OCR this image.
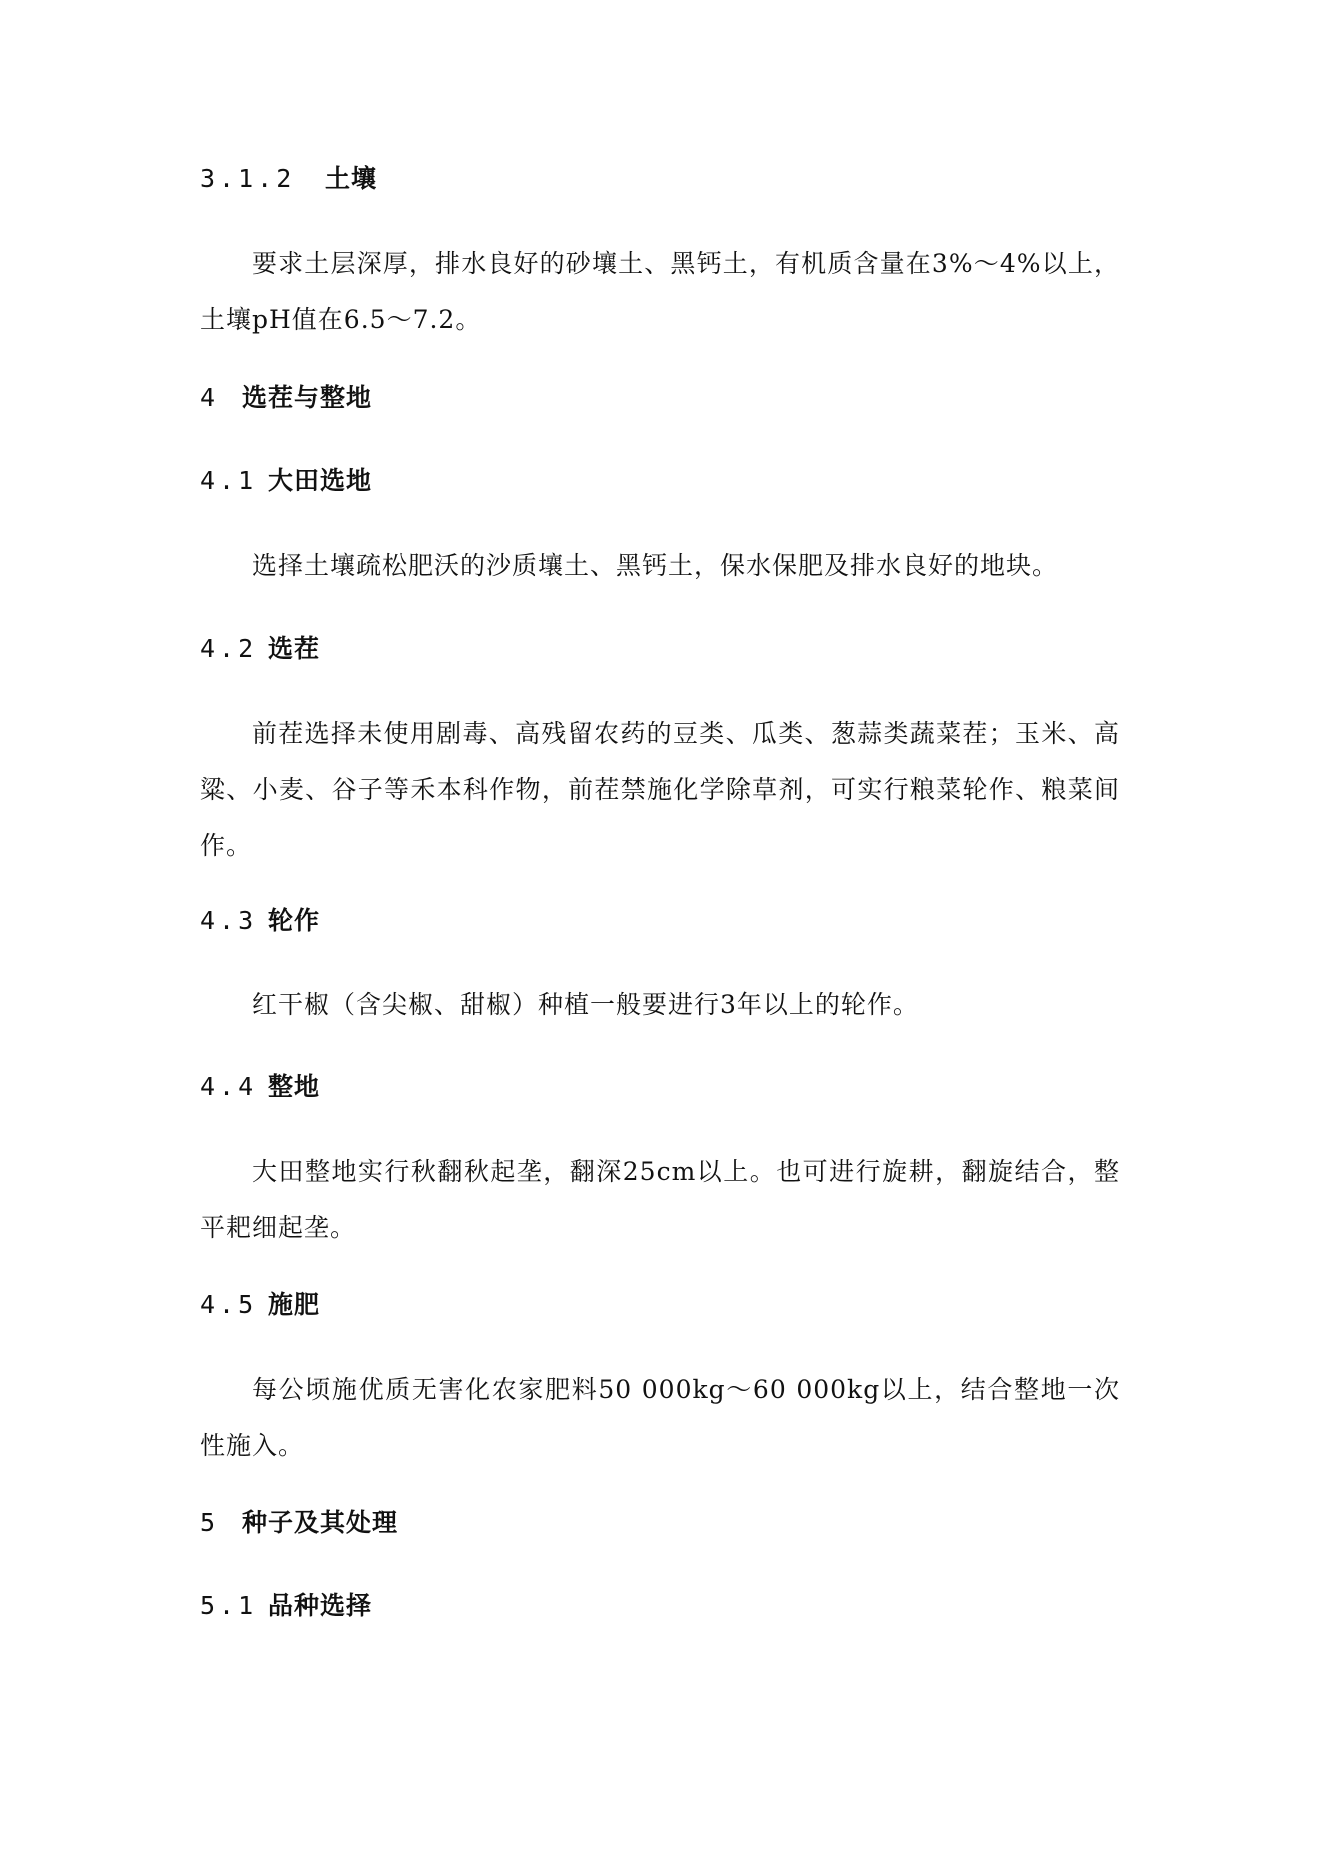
3.1.2 土壤
要求土层深厚，排水良好的砂壤土、黑钙土，有机质含量在3%～4%以上，土壤pH值在6.5～7.2。
4 选茬与整地
4.1 大田选地
选择土壤疏松肥沃的沙质壤土、黑钙土，保水保肥及排水良好的地块。
4.2 选茬
前茬选择未使用剧毒、高残留农药的豆类、瓜类、葱蒜类蔬菜茬；玉米、高粱、小麦、谷子等禾本科作物，前茬禁施化学除草剂，可实行粮菜轮作、粮菜间作。
4.3 轮作
红干椒（含尖椒、甜椒）种植一般要进行3年以上的轮作。
4.4 整地
大田整地实行秋翻秋起垄，翻深25cm以上。也可进行旋耕，翻旋结合，整平耙细起垄。
4.5 施肥
每公顷施优质无害化农家肥料50 000kg～60 000kg以上，结合整地一次性施入。
5 种子及其处理
5.1 品种选择
